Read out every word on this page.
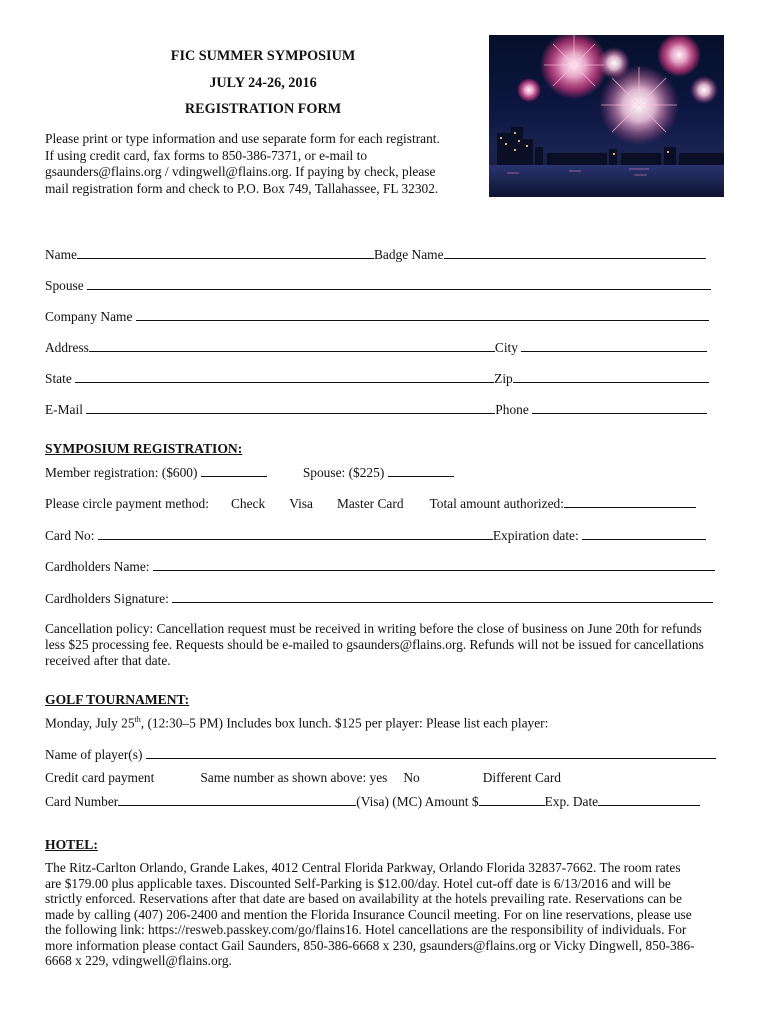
FIC SUMMER SYMPOSIUM
JULY 24-26, 2016
REGISTRATION FORM
Please print or type information and use separate form for each registrant.
If using credit card, fax forms to 850-386-7371, or e-mail to
gsaunders@flains.org / vdingwell@flains.org. If paying by check, please
mail registration form and check to P.O. Box 749, Tallahassee, FL 32302.
Name	Badge Name
Spouse
Company Name
Address	City
State	Zip
E-Mail	Phone
SYMPOSIUM REGISTRATION:
Member registration: ($600)	Spouse: ($225)
Please circle payment method: Check Visa Master Card Total amount authorized:
Card No:	Expiration date:
Cardholders Name:
Cardholders Signature:
Cancellation policy: Cancellation request must be received in writing before the close of business on June 20th for refunds
less $25 processing fee. Requests should be e-mailed to gsaunders@flains.org. Refunds will not be issued for cancellations
received after that date.
GOLF TOURNAMENT:
Monday, July 25th, (12:30–5 PM) Includes box lunch. $125 per player: Please list each player:
Name of player(s)
Credit card payment	Same number as shown above: yes No	Different Card
Card Number	(Visa) (MC) Amount $	Exp. Date
HOTEL:
The Ritz-Carlton Orlando, Grande Lakes, 4012 Central Florida Parkway, Orlando Florida 32837-7662. The room rates
are $179.00 plus applicable taxes. Discounted Self-Parking is $12.00/day. Hotel cut-off date is 6/13/2016 and will be
strictly enforced. Reservations after that date are based on availability at the hotels prevailing rate. Reservations can be
made by calling (407) 206-2400 and mention the Florida Insurance Council meeting. For on line reservations, please use
the following link: https://resweb.passkey.com/go/flains16. Hotel cancellations are the responsibility of individuals. For
more information please contact Gail Saunders, 850-386-6668 x 230, gsaunders@flains.org or Vicky Dingwell, 850-386-
6668 x 229, vdingwell@flains.org.
